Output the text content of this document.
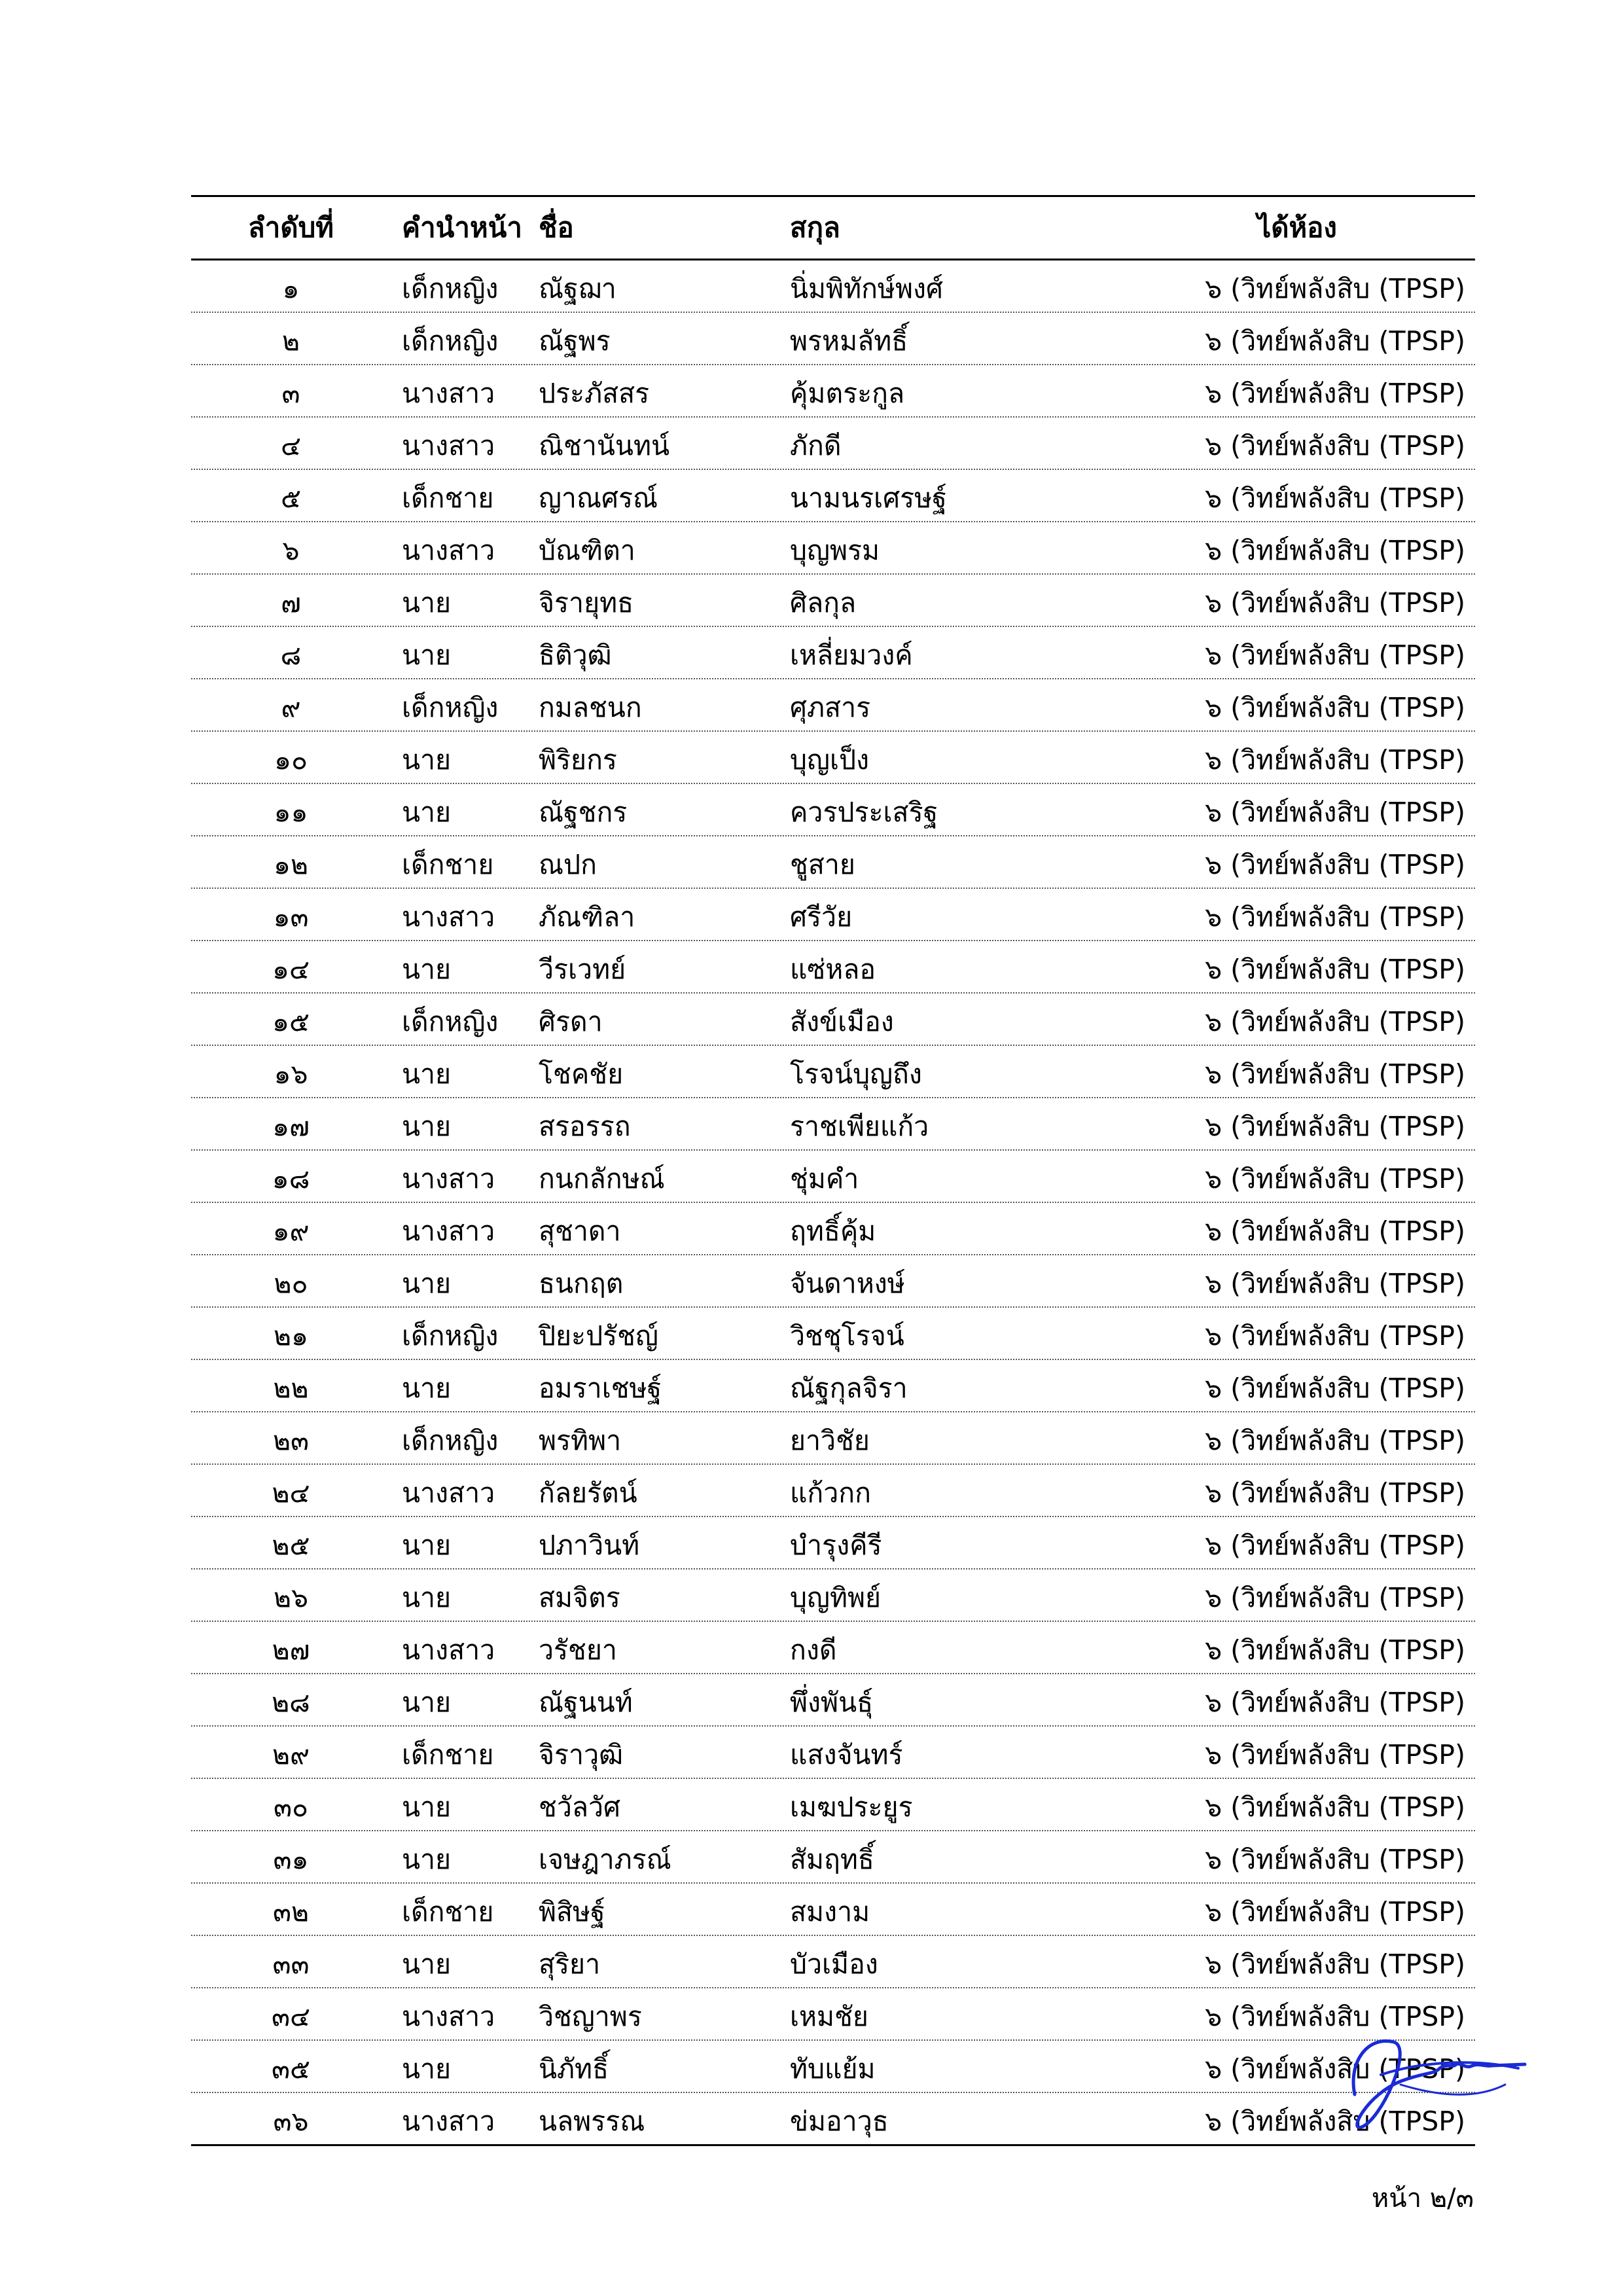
ลำดับที่	คำนำหน้า ชื่อ	สกุล	ได้ห้อง
๑	เด็กหญิง ณัฐฌา	นิ่มพิทักษ์พงศ์	๖ (วิทย์พลังสิบ (TPSP)
๒	เด็กหญิง ณัฐพร	พรหมลัทธิ์	๖ (วิทย์พลังสิบ (TPSP)
๓	นางสาว ประภัสสร	คุ้มตระกูล	๖ (วิทย์พลังสิบ (TPSP)
๔	นางสาว ณิชานันทน์	ภักดี	๖ (วิทย์พลังสิบ (TPSP)
๕	เด็กชาย ญาณศรณ์	นามนรเศรษฐ์	๖ (วิทย์พลังสิบ (TPSP)
๖	นางสาว บัณฑิตา	บุญพรม	๖ (วิทย์พลังสิบ (TPSP)
๗	นาย	จิรายุทธ	ศิลกุล	๖ (วิทย์พลังสิบ (TPSP)
๘	นาย	ธิติวุฒิ	เหลี่ยมวงค์	๖ (วิทย์พลังสิบ (TPSP)
๙	เด็กหญิง กมลชนก	ศุภสาร	๖ (วิทย์พลังสิบ (TPSP)
๑๐	นาย	พิริยกร	บุญเป็ง	๖ (วิทย์พลังสิบ (TPSP)
๑๑	นาย	ณัฐชกร	ควรประเสริฐ	๖ (วิทย์พลังสิบ (TPSP)
๑๒	เด็กชาย ณปก	ชูสาย	๖ (วิทย์พลังสิบ (TPSP)
๑๓	นางสาว ภัณฑิลา	ศรีวัย	๖ (วิทย์พลังสิบ (TPSP)
๑๔	นาย	วีรเวทย์	แซ่หลอ	๖ (วิทย์พลังสิบ (TPSP)
๑๕	เด็กหญิง ศิรดา	สังข์เมือง	๖ (วิทย์พลังสิบ (TPSP)
๑๖	นาย	โชคชัย	โรจน์บุญถึง	๖ (วิทย์พลังสิบ (TPSP)
๑๗	นาย	สรอรรถ	ราชเพียแก้ว	๖ (วิทย์พลังสิบ (TPSP)
๑๘	นางสาว กนกลักษณ์	ชุ่มคำ	๖ (วิทย์พลังสิบ (TPSP)
๑๙	นางสาว สุชาดา	ฤทธิ์คุ้ม	๖ (วิทย์พลังสิบ (TPSP)
๒๐	นาย	ธนกฤต	จันดาหงษ์	๖ (วิทย์พลังสิบ (TPSP)
๒๑	เด็กหญิง ปิยะปรัชญ์	วิชชุโรจน์	๖ (วิทย์พลังสิบ (TPSP)
๒๒	นาย	อมราเชษฐ์	ณัฐกุลจิรา	๖ (วิทย์พลังสิบ (TPSP)
๒๓	เด็กหญิง พรทิพา	ยาวิชัย	๖ (วิทย์พลังสิบ (TPSP)
๒๔	นางสาว กัลยรัตน์	แก้วกก	๖ (วิทย์พลังสิบ (TPSP)
๒๕	นาย	ปภาวินท์	บำรุงคีรี	๖ (วิทย์พลังสิบ (TPSP)
๒๖	นาย	สมจิตร	บุญทิพย์	๖ (วิทย์พลังสิบ (TPSP)
๒๗	นางสาว วรัชยา	กงดี	๖ (วิทย์พลังสิบ (TPSP)
๒๘	นาย	ณัฐนนท์	พึ่งพันธุ์	๖ (วิทย์พลังสิบ (TPSP)
๒๙	เด็กชาย จิราวุฒิ	แสงจันทร์	๖ (วิทย์พลังสิบ (TPSP)
๓๐	นาย	ชวัลวัศ	เมฆประยูร	๖ (วิทย์พลังสิบ (TPSP)
๓๑	นาย	เจษฎาภรณ์	สัมฤทธิ์	๖ (วิทย์พลังสิบ (TPSP)
๓๒	เด็กชาย พิสิษฐ์	สมงาม	๖ (วิทย์พลังสิบ (TPSP)
๓๓	นาย	สุริยา	บัวเมือง	๖ (วิทย์พลังสิบ (TPSP)
๓๔	นางสาว วิชญาพร	เหมชัย	๖ (วิทย์พลังสิบ (TPSP)
๓๕	นาย	นิภัทธิ์	ทับแย้ม	๖ (วิทย์พลังสิบ (TPSP)
๓๖	นางสาว นลพรรณ	ข่มอาวุธ	๖ (วิทย์พลังสิบ (TPSP)
หน้า ๒/๓
